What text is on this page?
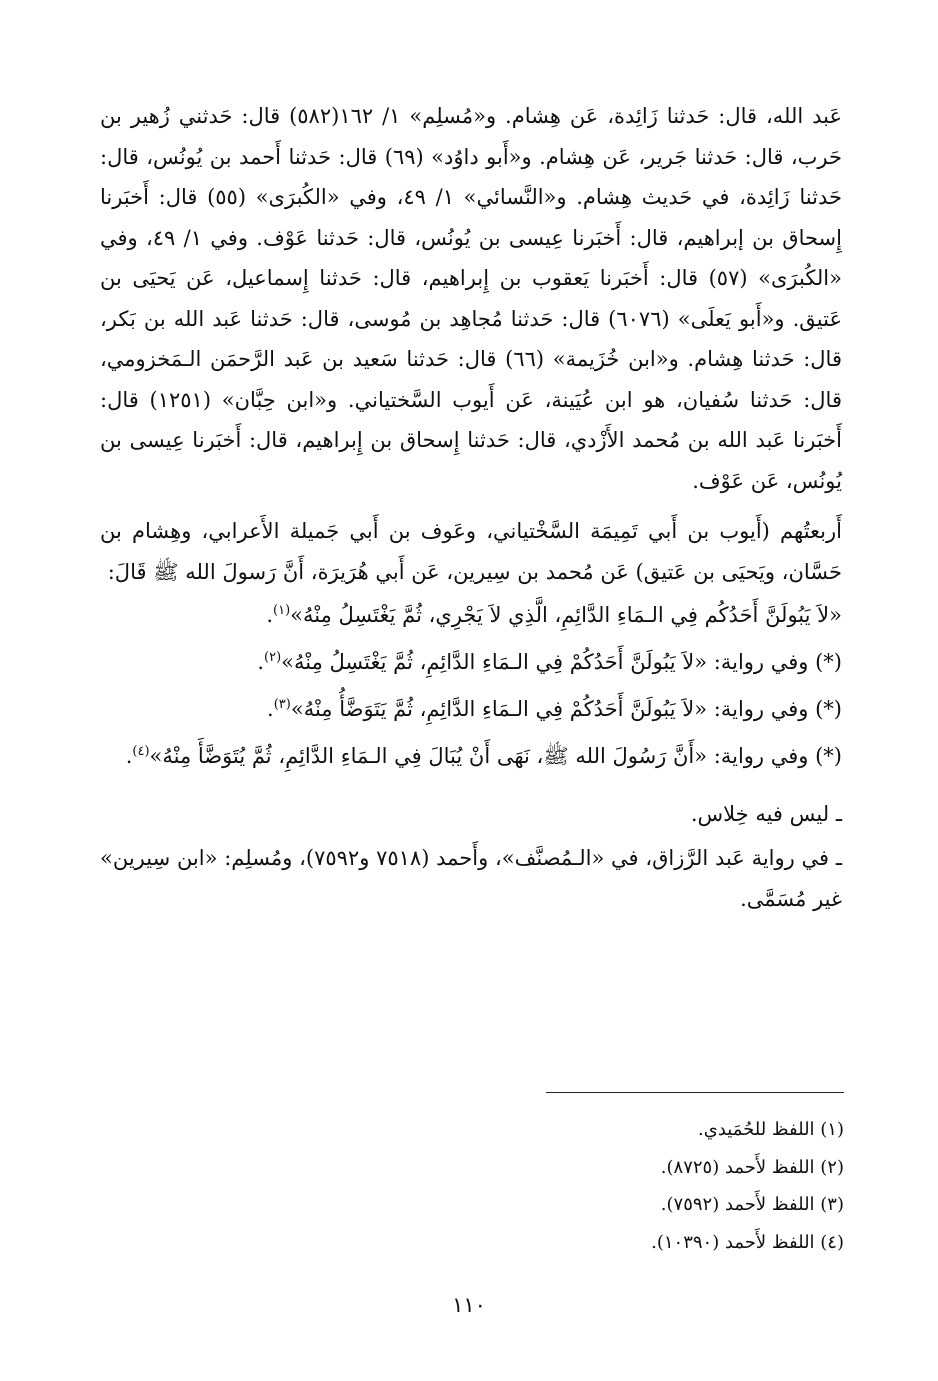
عَبد الله، قال: حَدثنا زَائِدة، عَن هِشام. و«مُسلِم» ١/ ١٦٢(٥٨٢) قال: حَدثني زُهير بن حَرب، قال: حَدثنا جَرير، عَن هِشام. و«أَبو داوُد» (٦٩) قال: حَدثنا أَحمد بن يُونُس، قال: حَدثنا زَائِدة، في حَديث هِشام. و«النَّسائي» ١/ ٤٩، وفي «الكُبرَى» (٥٥) قال: أَخبَرنا إِسحاق بن إبراهيم، قال: أَخبَرنا عِيسى بن يُونُس، قال: حَدثنا عَوْف. وفي ١/ ٤٩، وفي «الكُبرَى» (٥٧) قال: أَخبَرنا يَعقوب بن إِبراهيم، قال: حَدثنا إِسماعيل، عَن يَحيَى بن عَتيق. و«أَبو يَعلَى» (٦٠٧٦) قال: حَدثنا مُجاهِد بن مُوسى، قال: حَدثنا عَبد الله بن بَكر، قال: حَدثنا هِشام. و«ابن خُزَيمة» (٦٦) قال: حَدثنا سَعيد بن عَبد الرَّحمَن الـمَخزومي، قال: حَدثنا سُفيان، هو ابن عُيَينة، عَن أَيوب السَّختياني. و«ابن حِبَّان» (١٢٥١) قال: أَخبَرنا عَبد الله بن مُحمد الأَزْدي، قال: حَدثنا إِسحاق بن إِبراهيم، قال: أَخبَرنا عِيسى بن يُونُس، عَن عَوْف.

أَربعتُهم (أَيوب بن أَبي تَمِيمَة السَّخْتياني، وعَوف بن أَبي جَميلة الأَعرابي، وهِشام بن حَسَّان، ويَحيَى بن عَتيق) عَن مُحمد بن سِيرين، عَن أَبي هُرَيرَة، أَنَّ رَسولَ الله ﷺ قَالَ:

«لاَ يَبُولَنَّ أَحَدُكُم فِي الـمَاءِ الدَّائِمِ، الَّذِي لاَ يَجْرِي، ثُمَّ يَغْتَسِلُ مِنْهُ»$^{(١)}$.

(*) وفي رواية: «لاَ يَبُولَنَّ أَحَدُكُمْ فِي الـمَاءِ الدَّائِمِ، ثُمَّ يَغْتَسِلُ مِنْهُ»$^{(٢)}$.

(*) وفي رواية: «لاَ يَبُولَنَّ أَحَدُكُمْ فِي الـمَاءِ الدَّائِمِ، ثُمَّ يَتَوَضَّأُ مِنْهُ»$^{(٣)}$.

(*) وفي رواية: «أَنَّ رَسُولَ الله ﷺ، نَهَى أَنْ يُبَالَ فِي الـمَاءِ الدَّائِمِ، ثُمَّ يُتَوَضَّأَ مِنْهُ»$^{(٤)}$.

ـ ليس فيه خِلاس.

ـ في رواية عَبد الرَّزاق، في «الـمُصنَّف»، وأَحمد (٧٥١٨ و٧٥٩٢)، ومُسلِم: «ابن سِيرين» غير مُسَمَّى.

(١) اللفظ للحُمَيدي.

(٢) اللفظ لأَحمد (٨٧٢٥).

(٣) اللفظ لأَحمد (٧٥٩٢).

(٤) اللفظ لأَحمد (١٠٣٩٠).

١١٠
